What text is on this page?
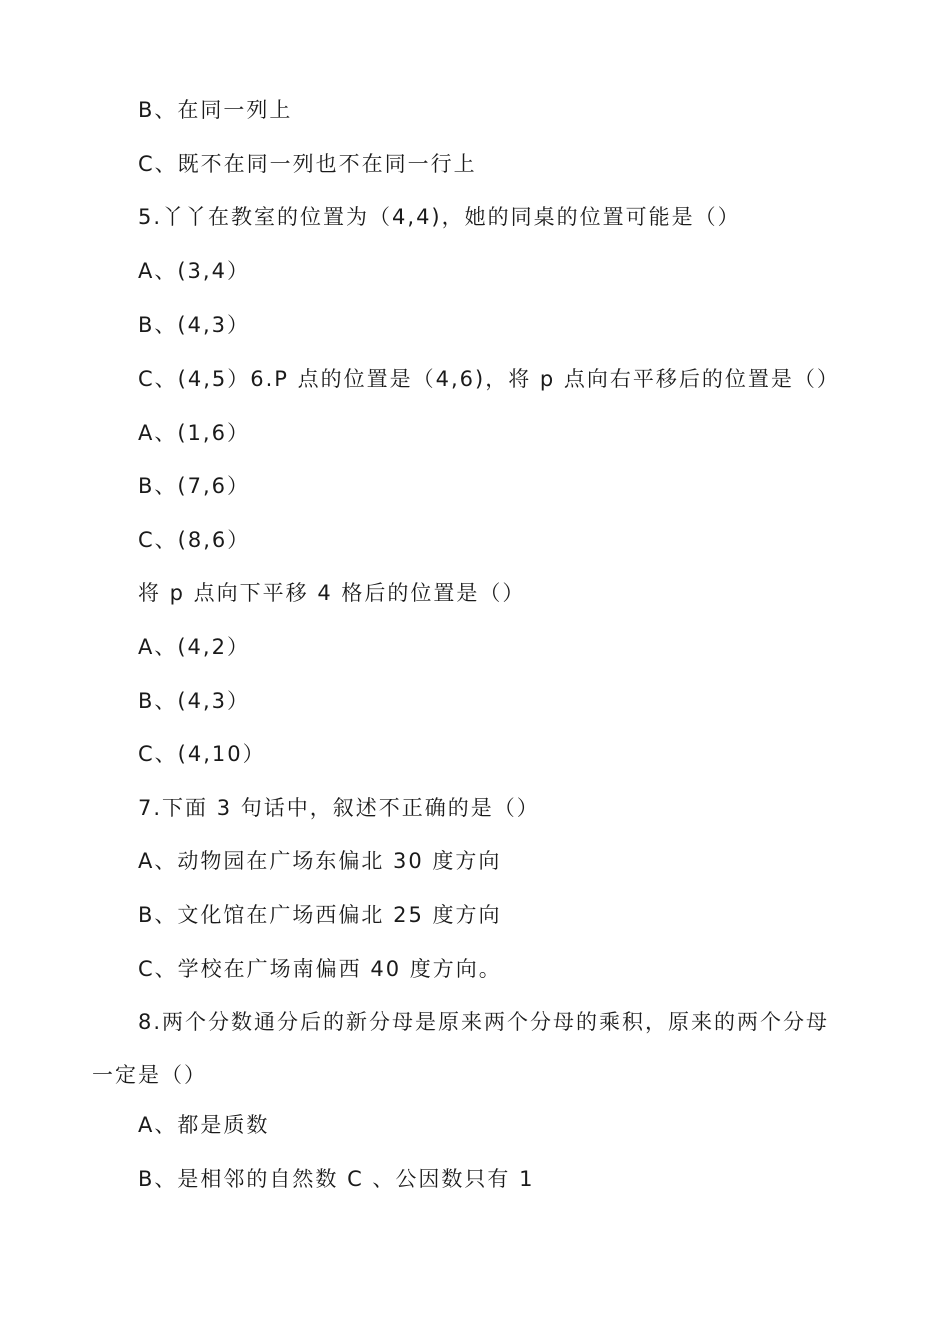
B、在同一列上
C、既不在同一列也不在同一行上
5.丫丫在教室的位置为（4,4)，她的同桌的位置可能是（）
A、(3,4）
B、(4,3）
C、(4,5）6.P 点的位置是（4,6)，将 p 点向右平移后的位置是（）
A、(1,6）
B、(7,6）
C、(8,6）
将 p 点向下平移 4 格后的位置是（）
A、(4,2）
B、(4,3）
C、(4,10）
7.下面 3 句话中，叙述不正确的是（）
A、动物园在广场东偏北 30 度方向
B、文化馆在广场西偏北 25 度方向
C、学校在广场南偏西 40 度方向。
8.两个分数通分后的新分母是原来两个分母的乘积，原来的两个分母
一定是（）
A、都是质数
B、是相邻的自然数 C 、公因数只有 1
